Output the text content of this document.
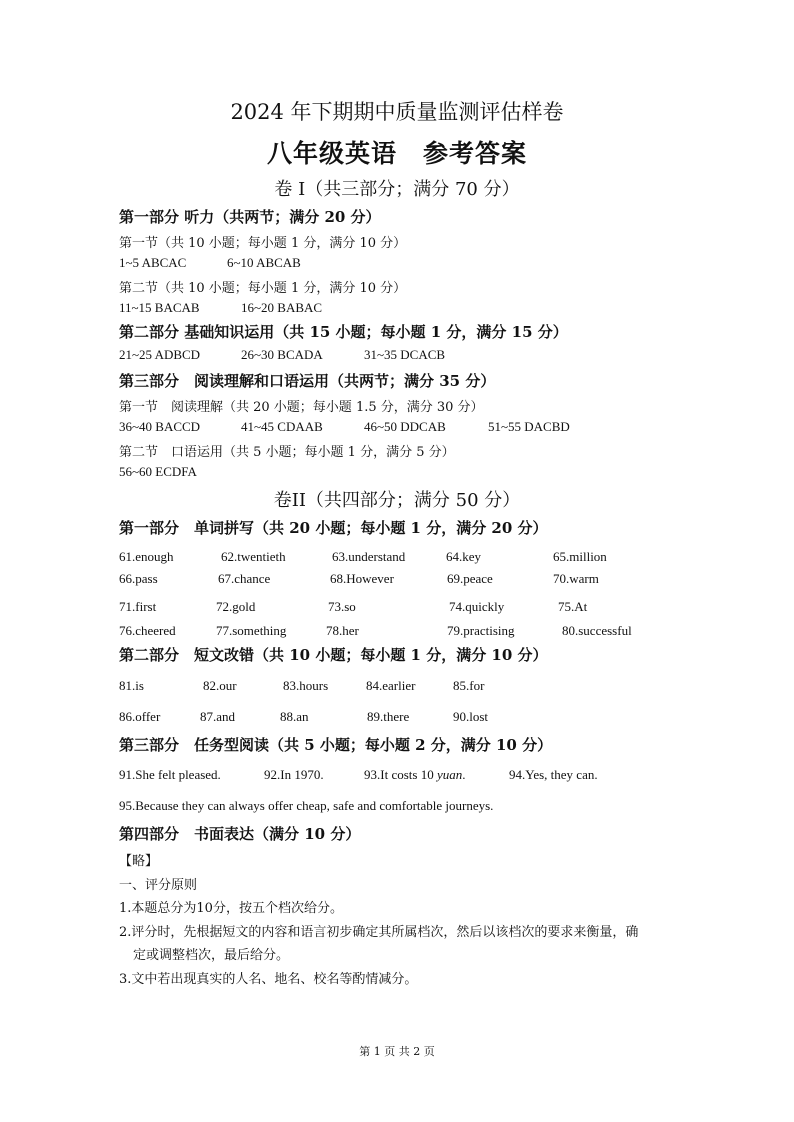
2024 年下期期中质量监测评估样卷
八年级英语　参考答案
卷 I（共三部分；满分 70 分）
第一部分 听力（共两节；满分 20 分）
第一节（共 10 小题；每小题 1 分，满分 10 分）
1~5 ABCAC	6~10 ABCAB
第二节（共 10 小题；每小题 1 分，满分 10 分）
11~15 BACAB	16~20 BABAC
第二部分 基础知识运用（共 15 小题；每小题 1 分，满分 15 分）
21~25 ADBCD	26~30 BCADA	31~35 DCACB
第三部分　阅读理解和口语运用（共两节；满分 35 分）
第一节　阅读理解（共 20 小题；每小题 1.5 分，满分 30 分）
36~40 BACCD	41~45 CDAAB	46~50 DDCAB	51~55 DACBD
第二节　口语运用（共 5 小题；每小题 1 分，满分 5 分）
56~60 ECDFA
卷II（共四部分；满分 50 分）
第一部分　单词拼写（共 20 小题；每小题 1 分，满分 20 分）
61.enough	62.twentieth	63.understand	64.key	65.million
66.pass	67.chance	68.However	69.peace	70.warm
71.first	72.gold	73.so	74.quickly	75.At
76.cheered	77.something	78.her	79.practising	80.successful
第二部分　短文改错（共 10 小题；每小题 1 分，满分 10 分）
81.is	82.our	83.hours	84.earlier	85.for
86.offer	87.and	88.an	89.there	90.lost
第三部分　任务型阅读（共 5 小题；每小题 2 分，满分 10 分）
91.She felt pleased.	92.In 1970.	93.It costs 10 yuan.	94.Yes, they can.
95.Because they can always offer cheap, safe and comfortable journeys.
第四部分　书面表达（满分 10 分）
【略】
一、评分原则
1.本题总分为10分，按五个档次给分。
2.评分时，先根据短文的内容和语言初步确定其所属档次，然后以该档次的要求来衡量，确
定或调整档次，最后给分。
3.文中若出现真实的人名、地名、校名等酌情减分。
第 1 页 共 2 页
